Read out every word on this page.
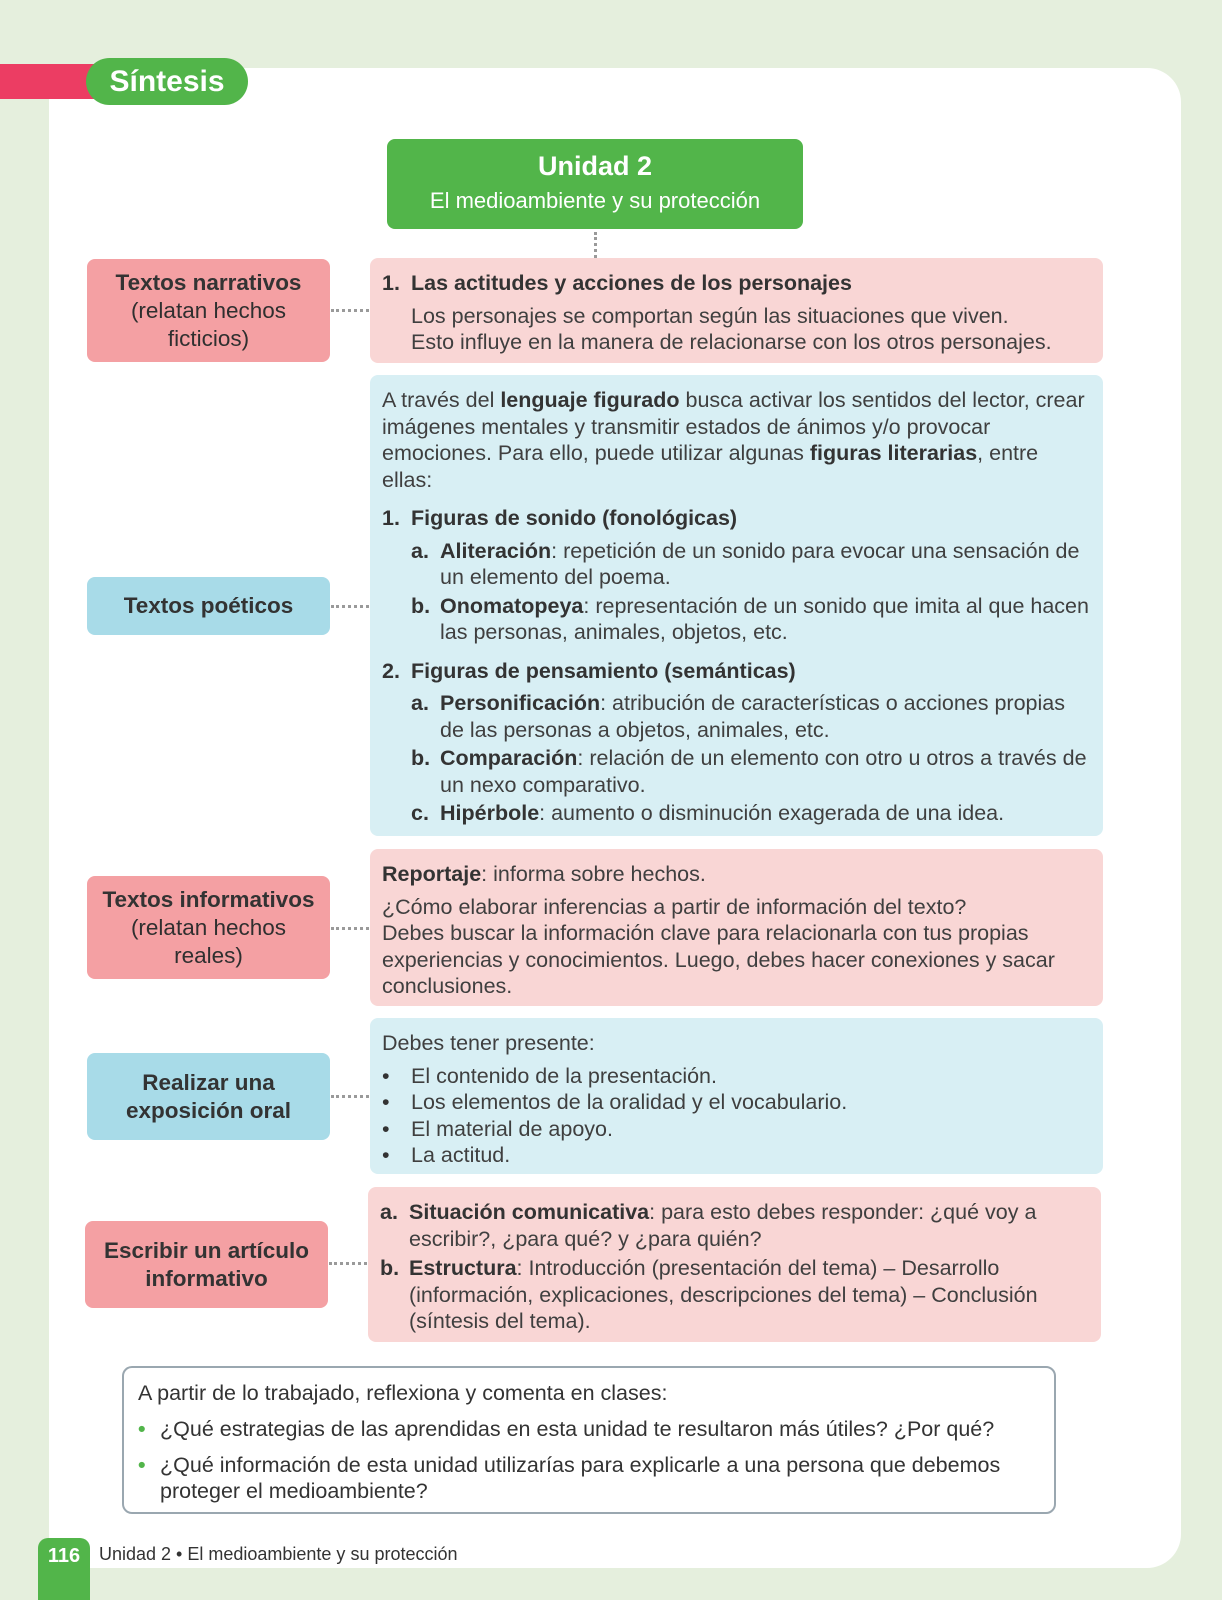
Síntesis
Unidad 2
El medioambiente y su protección
Textos narrativos
(relatan hechos ficticios)
1. Las actitudes y acciones de los personajes
Los personajes se comportan según las situaciones que viven.
Esto influye en la manera de relacionarse con los otros personajes.
Textos poéticos
A través del lenguaje figurado busca activar los sentidos del lector, crear imágenes mentales y transmitir estados de ánimos y/o provocar emociones. Para ello, puede utilizar algunas figuras literarias, entre ellas:
1. Figuras de sonido (fonológicas)
a. Aliteración: repetición de un sonido para evocar una sensación de un elemento del poema.
b. Onomatopeya: representación de un sonido que imita al que hacen las personas, animales, objetos, etc.
2. Figuras de pensamiento (semánticas)
a. Personificación: atribución de características o acciones propias de las personas a objetos, animales, etc.
b. Comparación: relación de un elemento con otro u otros a través de un nexo comparativo.
c. Hipérbole: aumento o disminución exagerada de una idea.
Textos informativos
(relatan hechos reales)
Reportaje: informa sobre hechos.
¿Cómo elaborar inferencias a partir de información del texto?
Debes buscar la información clave para relacionarla con tus propias experiencias y conocimientos. Luego, debes hacer conexiones y sacar conclusiones.
Realizar una exposición oral
Debes tener presente:
• El contenido de la presentación.
• Los elementos de la oralidad y el vocabulario.
• El material de apoyo.
• La actitud.
Escribir un artículo informativo
a. Situación comunicativa: para esto debes responder: ¿qué voy a escribir?, ¿para qué? y ¿para quién?
b. Estructura: Introducción (presentación del tema) – Desarrollo (información, explicaciones, descripciones del tema) – Conclusión (síntesis del tema).
A partir de lo trabajado, reflexiona y comenta en clases:
• ¿Qué estrategias de las aprendidas en esta unidad te resultaron más útiles? ¿Por qué?
• ¿Qué información de esta unidad utilizarías para explicarle a una persona que debemos proteger el medioambiente?
116	Unidad 2 • El medioambiente y su protección
